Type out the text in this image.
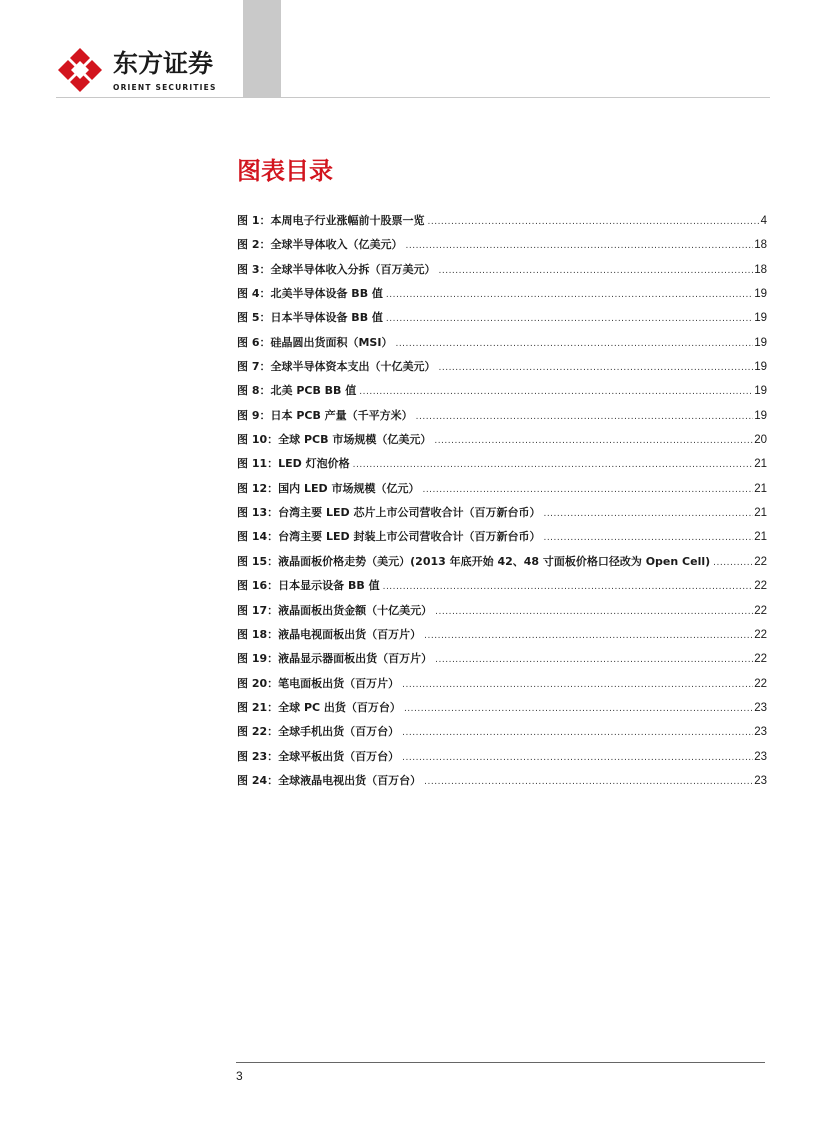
东方证券
ORIENT SECURITIES
图表目录
图 1：本周电子行业涨幅前十股票一览 .....	4
图 2：全球半导体收入（亿美元） .....	18
图 3：全球半导体收入分拆（百万美元） .....	18
图 4：北美半导体设备 BB 值 .....	19
图 5：日本半导体设备 BB 值 .....	19
图 6：硅晶圆出货面积（MSI） .....	19
图 7：全球半导体资本支出（十亿美元） .....	19
图 8：北美 PCB BB 值 .....	19
图 9：日本 PCB 产量（千平方米） .....	19
图 10：全球 PCB 市场规模（亿美元） .....	20
图 11：LED 灯泡价格 .....	21
图 12：国内 LED 市场规模（亿元） .....	21
图 13：台湾主要 LED 芯片上市公司营收合计（百万新台币） .....	21
图 14：台湾主要 LED 封装上市公司营收合计（百万新台币） .....	21
图 15：液晶面板价格走势（美元）(2013 年底开始 42、48 寸面板价格口径改为 Open Cell) .....	22
图 16：日本显示设备 BB 值 .....	22
图 17：液晶面板出货金额（十亿美元） .....	22
图 18：液晶电视面板出货（百万片） .....	22
图 19：液晶显示器面板出货（百万片） .....	22
图 20：笔电面板出货（百万片） .....	22
图 21：全球 PC 出货（百万台） .....	23
图 22：全球手机出货（百万台） .....	23
图 23：全球平板出货（百万台） .....	23
图 24：全球液晶电视出货（百万台） .....	23
3
